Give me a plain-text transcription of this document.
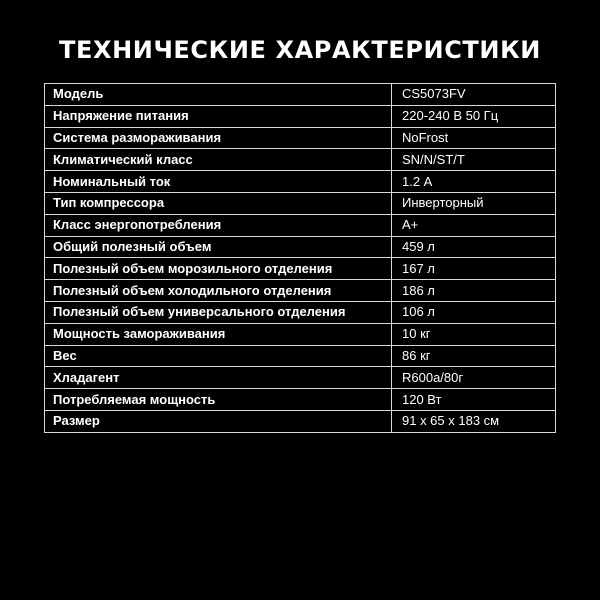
ТЕХНИЧЕСКИЕ ХАРАКТЕРИСТИКИ
Модель	CS5073FV
Напряжение питания	220-240 В 50 Гц
Система размораживания	NoFrost
Климатический класс	SN/N/ST/T
Номинальный ток	1.2 А
Тип компрессора	Инверторный
Класс энергопотребления	A+
Общий полезный объем	459 л
Полезный объем морозильного отделения	167 л
Полезный объем холодильного отделения	186 л
Полезный объем универсального отделения	106 л
Мощность замораживания	10 кг
Вес	86 кг
Хладагент	R600a/80г
Потребляемая мощность	120 Вт
Размер	91 х 65 х 183 см
